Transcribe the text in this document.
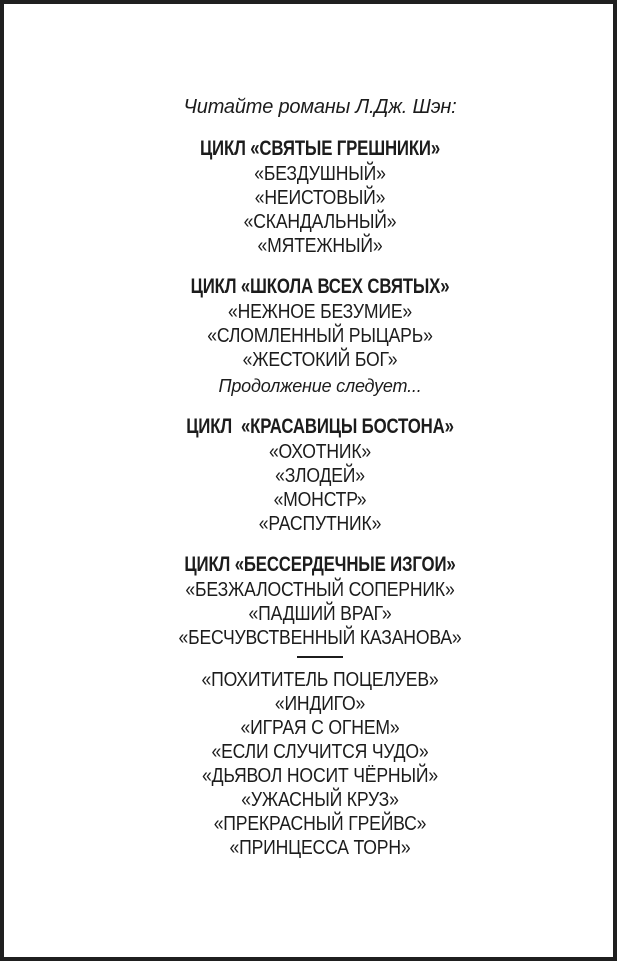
Читайте романы Л.Дж. Шэн:
ЦИКЛ «СВЯТЫЕ ГРЕШНИКИ»
«БЕЗДУШНЫЙ»
«НЕИСТОВЫЙ»
«СКАНДАЛЬНЫЙ»
«МЯТЕЖНЫЙ»
ЦИКЛ «ШКОЛА ВСЕХ СВЯТЫХ»
«НЕЖНОЕ БЕЗУМИЕ»
«СЛОМЛЕННЫЙ РЫЦАРЬ»
«ЖЕСТОКИЙ БОГ»
Продолжение следует...
ЦИКЛ  «КРАСАВИЦЫ БОСТОНА»
«ОХОТНИК»
«ЗЛОДЕЙ»
«МОНСТР»
«РАСПУТНИК»
ЦИКЛ «БЕССЕРДЕЧНЫЕ ИЗГОИ»
«БЕЗЖАЛОСТНЫЙ СОПЕРНИК»
«ПАДШИЙ ВРАГ»
«БЕСЧУВСТВЕННЫЙ КАЗАНОВА»
«ПОХИТИТЕЛЬ ПОЦЕЛУЕВ»
«ИНДИГО»
«ИГРАЯ С ОГНЕМ»
«ЕСЛИ СЛУЧИТСЯ ЧУДО»
«ДЬЯВОЛ НОСИТ ЧЁРНЫЙ»
«УЖАСНЫЙ КРУЗ»
«ПРЕКРАСНЫЙ ГРЕЙВС»
«ПРИНЦЕССА ТОРН»
